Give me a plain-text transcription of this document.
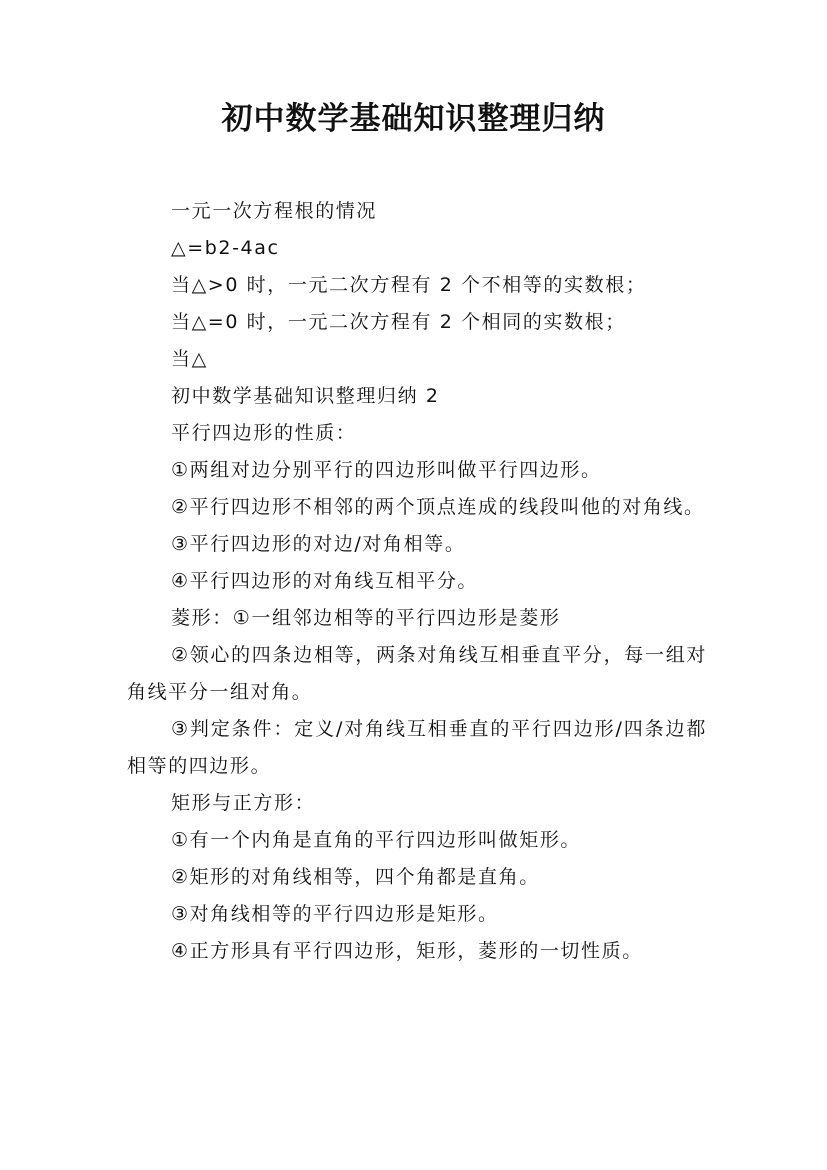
初中数学基础知识整理归纳

一元一次方程根的情况

△=b2-4ac

当△>0 时，一元二次方程有 2 个不相等的实数根；

当△=0 时，一元二次方程有 2 个相同的实数根；

当△

初中数学基础知识整理归纳 2

平行四边形的性质：

①两组对边分别平行的四边形叫做平行四边形。

②平行四边形不相邻的两个顶点连成的线段叫他的对角线。

③平行四边形的对边/对角相等。

④平行四边形的对角线互相平分。

菱形：①一组邻边相等的平行四边形是菱形

②领心的四条边相等，两条对角线互相垂直平分，每一组对角线平分一组对角。

③判定条件：定义/对角线互相垂直的平行四边形/四条边都相等的四边形。

矩形与正方形：

①有一个内角是直角的平行四边形叫做矩形。

②矩形的对角线相等，四个角都是直角。

③对角线相等的平行四边形是矩形。

④正方形具有平行四边形，矩形，菱形的一切性质。
